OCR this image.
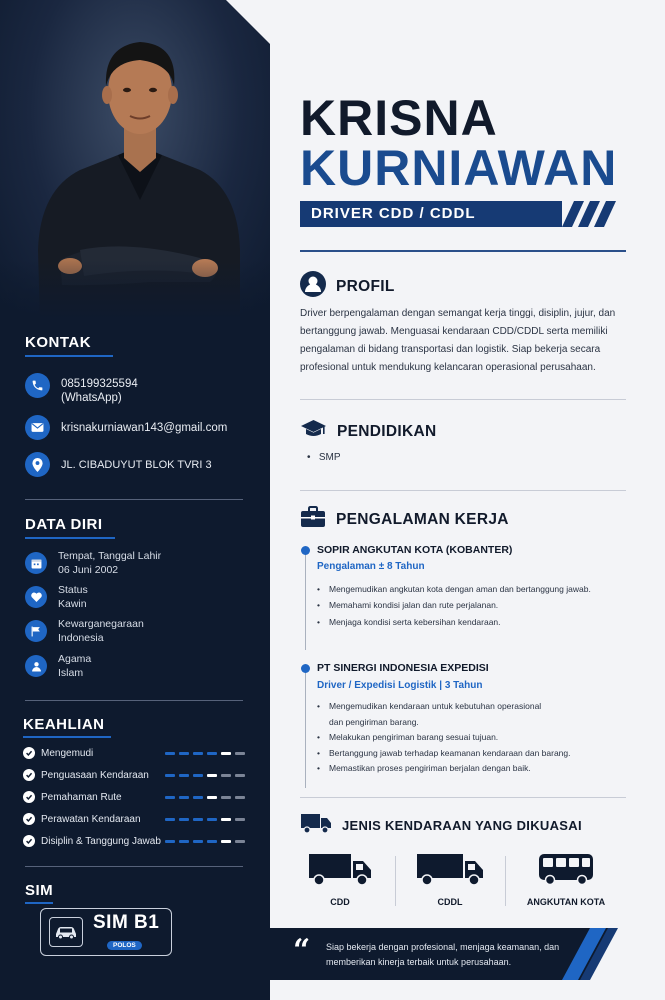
KONTAK
085199325594
(WhatsApp)
krisnakurniawan143@gmail.com
JL. CIBADUYUT BLOK TVRI 3
DATA DIRI
Tempat, Tanggal Lahir
06 Juni 2002
Status
Kawin
Kewarganegaraan
Indonesia
Agama
Islam
KEAHLIAN
Mengemudi
Penguasaan Kendaraan
Pemahaman Rute
Perawatan Kendaraan
Disiplin & Tanggung Jawab
SIM
SIM B1
POLOS
KRISNA
KURNIAWAN
DRIVER CDD / CDDL
PROFIL
Driver berpengalaman dengan semangat kerja tinggi, disiplin, jujur, dan bertanggung jawab. Menguasai kendaraan CDD/CDDL serta memiliki pengalaman di bidang transportasi dan logistik. Siap bekerja secara profesional untuk mendukung kelancaran operasional perusahaan.
PENDIDIKAN
•   SMP
PENGALAMAN KERJA
SOPIR ANGKUTAN KOTA (KOBANTER)
Pengalaman ± 8 Tahun
• Mengemudikan angkutan kota dengan aman dan bertanggung jawab.
• Memahami kondisi jalan dan rute perjalanan.
• Menjaga kondisi serta kebersihan kendaraan.
PT SINERGI INDONESIA EXPEDISI
Driver / Expedisi Logistik | 3 Tahun
• Mengemudikan kendaraan untuk kebutuhan operasional
dan pengiriman barang.
• Melakukan pengiriman barang sesuai tujuan.
• Bertanggung jawab terhadap keamanan kendaraan dan barang.
• Memastikan proses pengiriman berjalan dengan baik.
JENIS KENDARAAN YANG DIKUASAI
CDD	CDDL	ANGKUTAN KOTA
“ Siap bekerja dengan profesional, menjaga keamanan, dan memberikan kinerja terbaik untuk perusahaan.
